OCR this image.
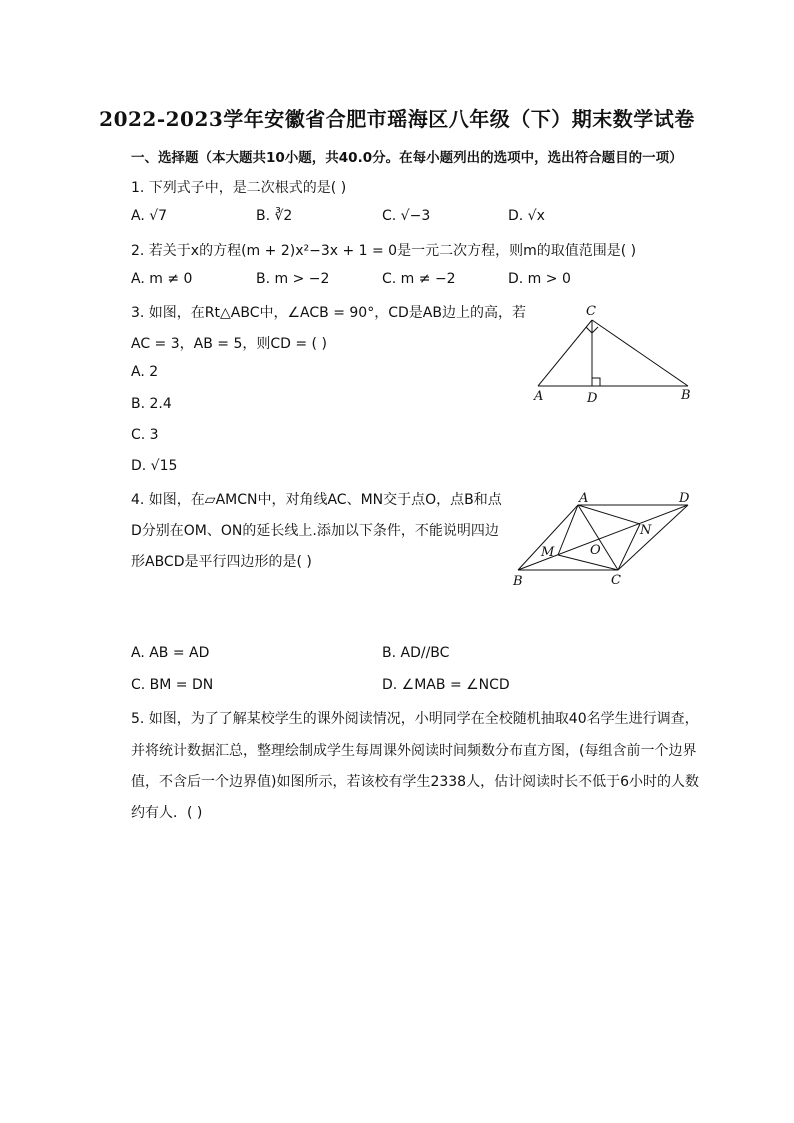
2022-2023学年安徽省合肥市瑶海区八年级（下）期末数学试卷
一、选择题（本大题共10小题，共40.0分。在每小题列出的选项中，选出符合题目的一项）
1. 下列式子中，是二次根式的是( )
A. √7	B. ∛2	C. √−3	D. √x
2. 若关于x的方程(m + 2)x²−3x + 1 = 0是一元二次方程，则m的取值范围是( )
A. m ≠ 0	B. m > −2	C. m ≠ −2	D. m > 0
3. 如图，在Rt△ABC中，∠ACB = 90°，CD是AB边上的高，若
AC = 3，AB = 5，则CD = ( )
A. 2
B. 2.4
C. 3
D. √15
C
A	D	B
4. 如图，在▱AMCN中，对角线AC、MN交于点O，点B和点
D分别在OM、ON的延长线上.添加以下条件，不能说明四边
形ABCD是平行四边形的是( )
A	D
N
O
M
B	C
A. AB = AD	B. AD//BC
C. BM = DN	D. ∠MAB = ∠NCD
5. 如图，为了了解某校学生的课外阅读情况，小明同学在全校随机抽取40名学生进行调查，
并将统计数据汇总，整理绘制成学生每周课外阅读时间频数分布直方图，(每组含前一个边界
值，不含后一个边界值)如图所示，若该校有学生2338人，估计阅读时长不低于6小时的人数
约有人．( )
